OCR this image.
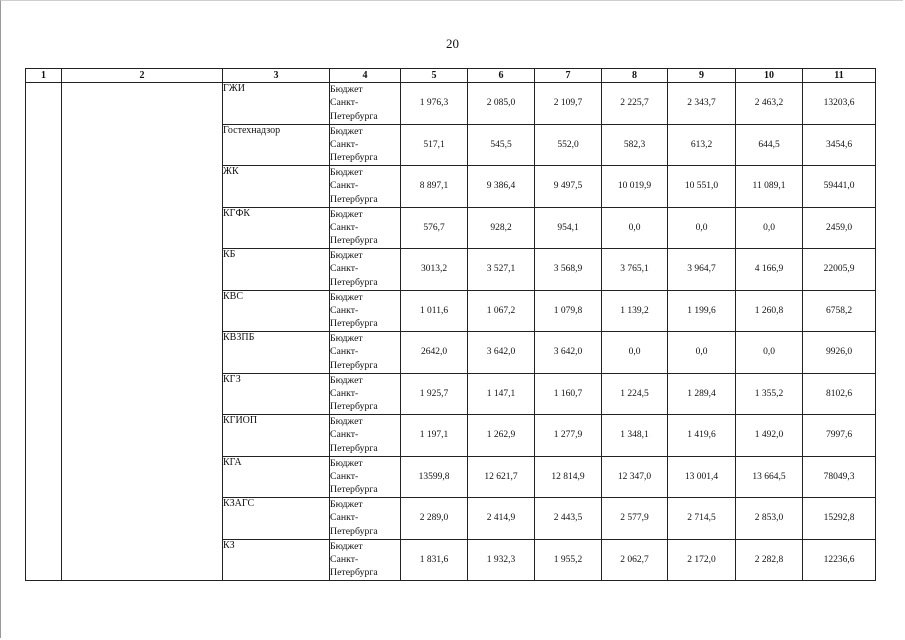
20
1	2	3	4	5	6	7	8	9	10	11
		ГЖИ	Бюджет
Санкт-
Петербурга	1 976,3	2 085,0	2 109,7	2 225,7	2 343,7	2 463,2	13203,6
		Гостехнадзор	Бюджет
Санкт-
Петербурга	517,1	545,5	552,0	582,3	613,2	644,5	3454,6
		ЖК	Бюджет
Санкт-
Петербурга	8 897,1	9 386,4	9 497,5	10 019,9	10 551,0	11 089,1	59441,0
		КГФК	Бюджет
Санкт-
Петербурга	576,7	928,2	954,1	0,0	0,0	0,0	2459,0
		КБ	Бюджет
Санкт-
Петербурга	3013,2	3 527,1	3 568,9	3 765,1	3 964,7	4 166,9	22005,9
		КВС	Бюджет
Санкт-
Петербурга	1 011,6	1 067,2	1 079,8	1 139,2	1 199,6	1 260,8	6758,2
		КВЗПБ	Бюджет
Санкт-
Петербурга	2642,0	3 642,0	3 642,0	0,0	0,0	0,0	9926,0
		КГЗ	Бюджет
Санкт-
Петербурга	1 925,7	1 147,1	1 160,7	1 224,5	1 289,4	1 355,2	8102,6
		КГИОП	Бюджет
Санкт-
Петербурга	1 197,1	1 262,9	1 277,9	1 348,1	1 419,6	1 492,0	7997,6
		КГА	Бюджет
Санкт-
Петербурга	13599,8	12 621,7	12 814,9	12 347,0	13 001,4	13 664,5	78049,3
		КЗАГС	Бюджет
Санкт-
Петербурга	2 289,0	2 414,9	2 443,5	2 577,9	2 714,5	2 853,0	15292,8
		КЗ	Бюджет
Санкт-
Петербурга	1 831,6	1 932,3	1 955,2	2 062,7	2 172,0	2 282,8	12236,6
